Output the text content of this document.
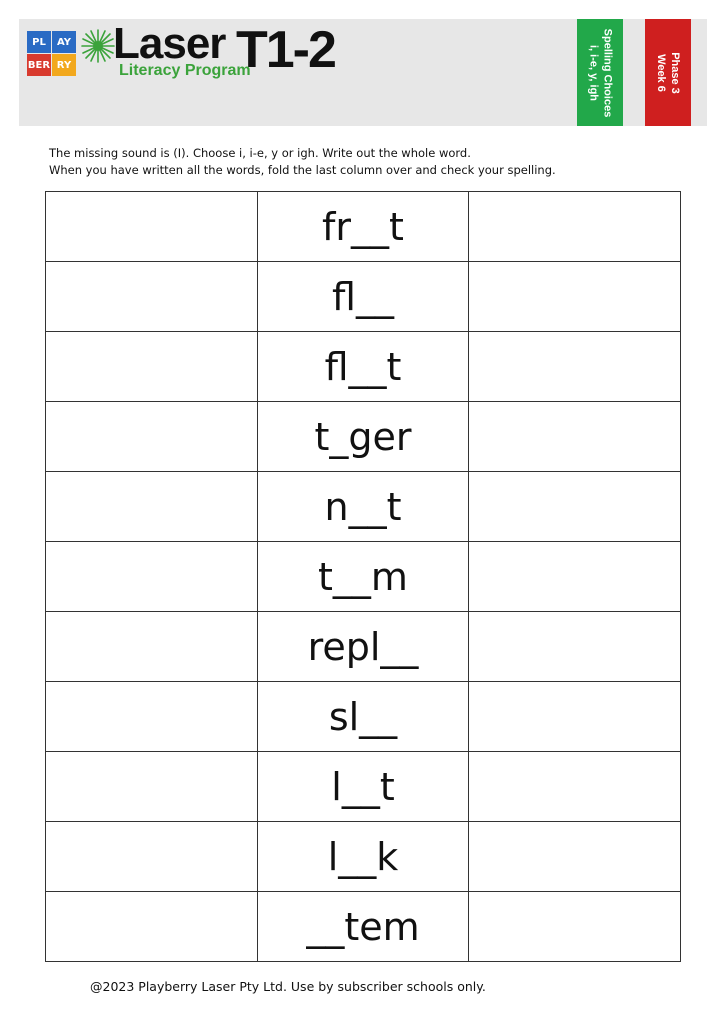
PL	AY
BER RY Laser T1-2
Literacy Program	Spelling Choices
i, i-e, y, igh	Phase 3
Week 6
The missing sound is (I). Choose i, i-e, y or igh. Write out the whole word.
When you have written all the words, fold the last column over and check your spelling.
	fr__t	
	fl__	
	fl__t	
	t_ger	
	n__t	
	t__m	
	repl__	
	sl__	
	l__t	
	l__k	
	__tem	
@2023 Playberry Laser Pty Ltd. Use by subscriber schools only.
